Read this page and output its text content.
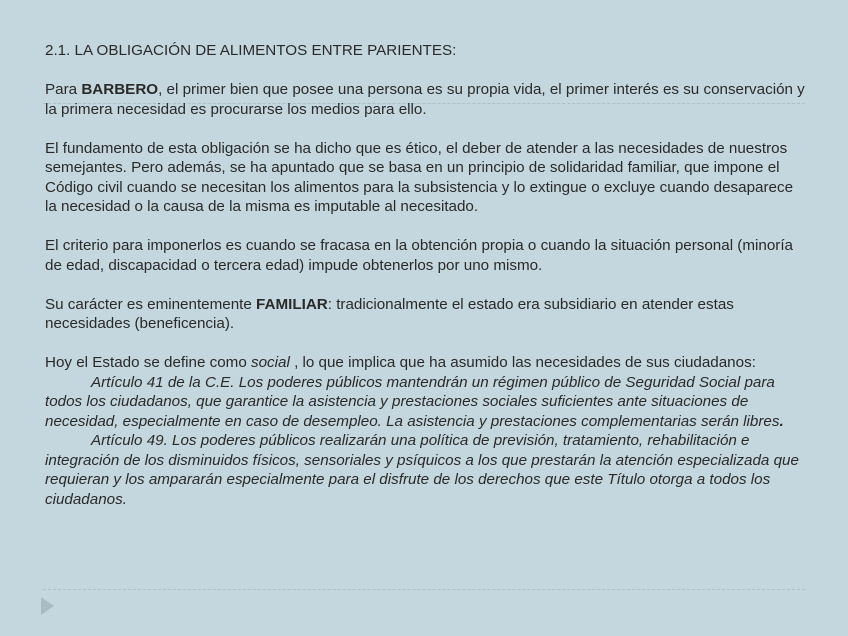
2.1. LA OBLIGACIÓN DE ALIMENTOS ENTRE PARIENTES:

Para BARBERO, el primer bien que posee una persona es su propia vida, el primer interés es su conservación y la primera necesidad es procurarse los medios para ello.

El fundamento de esta obligación se ha dicho que es ético, el deber de atender a las necesidades de nuestros semejantes. Pero además, se ha apuntado que se basa en un principio de solidaridad familiar, que impone el Código civil cuando se necesitan los alimentos para la subsistencia y lo extingue o excluye cuando desaparece la necesidad o la causa de la misma es imputable al necesitado.

El criterio para imponerlos es cuando se fracasa en la obtención propia o cuando la situación personal (minoría de edad, discapacidad o tercera edad) impude obtenerlos por uno mismo.

Su carácter es eminentemente FAMILIAR: tradicionalmente el estado era subsidiario en atender estas necesidades (beneficencia).

Hoy el Estado se define como social , lo que implica que ha asumido las necesidades de sus ciudadanos:

Artículo 41 de la C.E. Los poderes públicos mantendrán un régimen público de Seguridad Social para todos los ciudadanos, que garantice la asistencia y prestaciones sociales suficientes ante situaciones de necesidad, especialmente en caso de desempleo. La asistencia y prestaciones complementarias serán libres.

Artículo 49. Los poderes públicos realizarán una política de previsión, tratamiento, rehabilitación e integración de los disminuidos físicos, sensoriales y psíquicos a los que prestarán la atención especializada que requieran y los ampararán especialmente para el disfrute de los derechos que este Título otorga a todos los ciudadanos.
